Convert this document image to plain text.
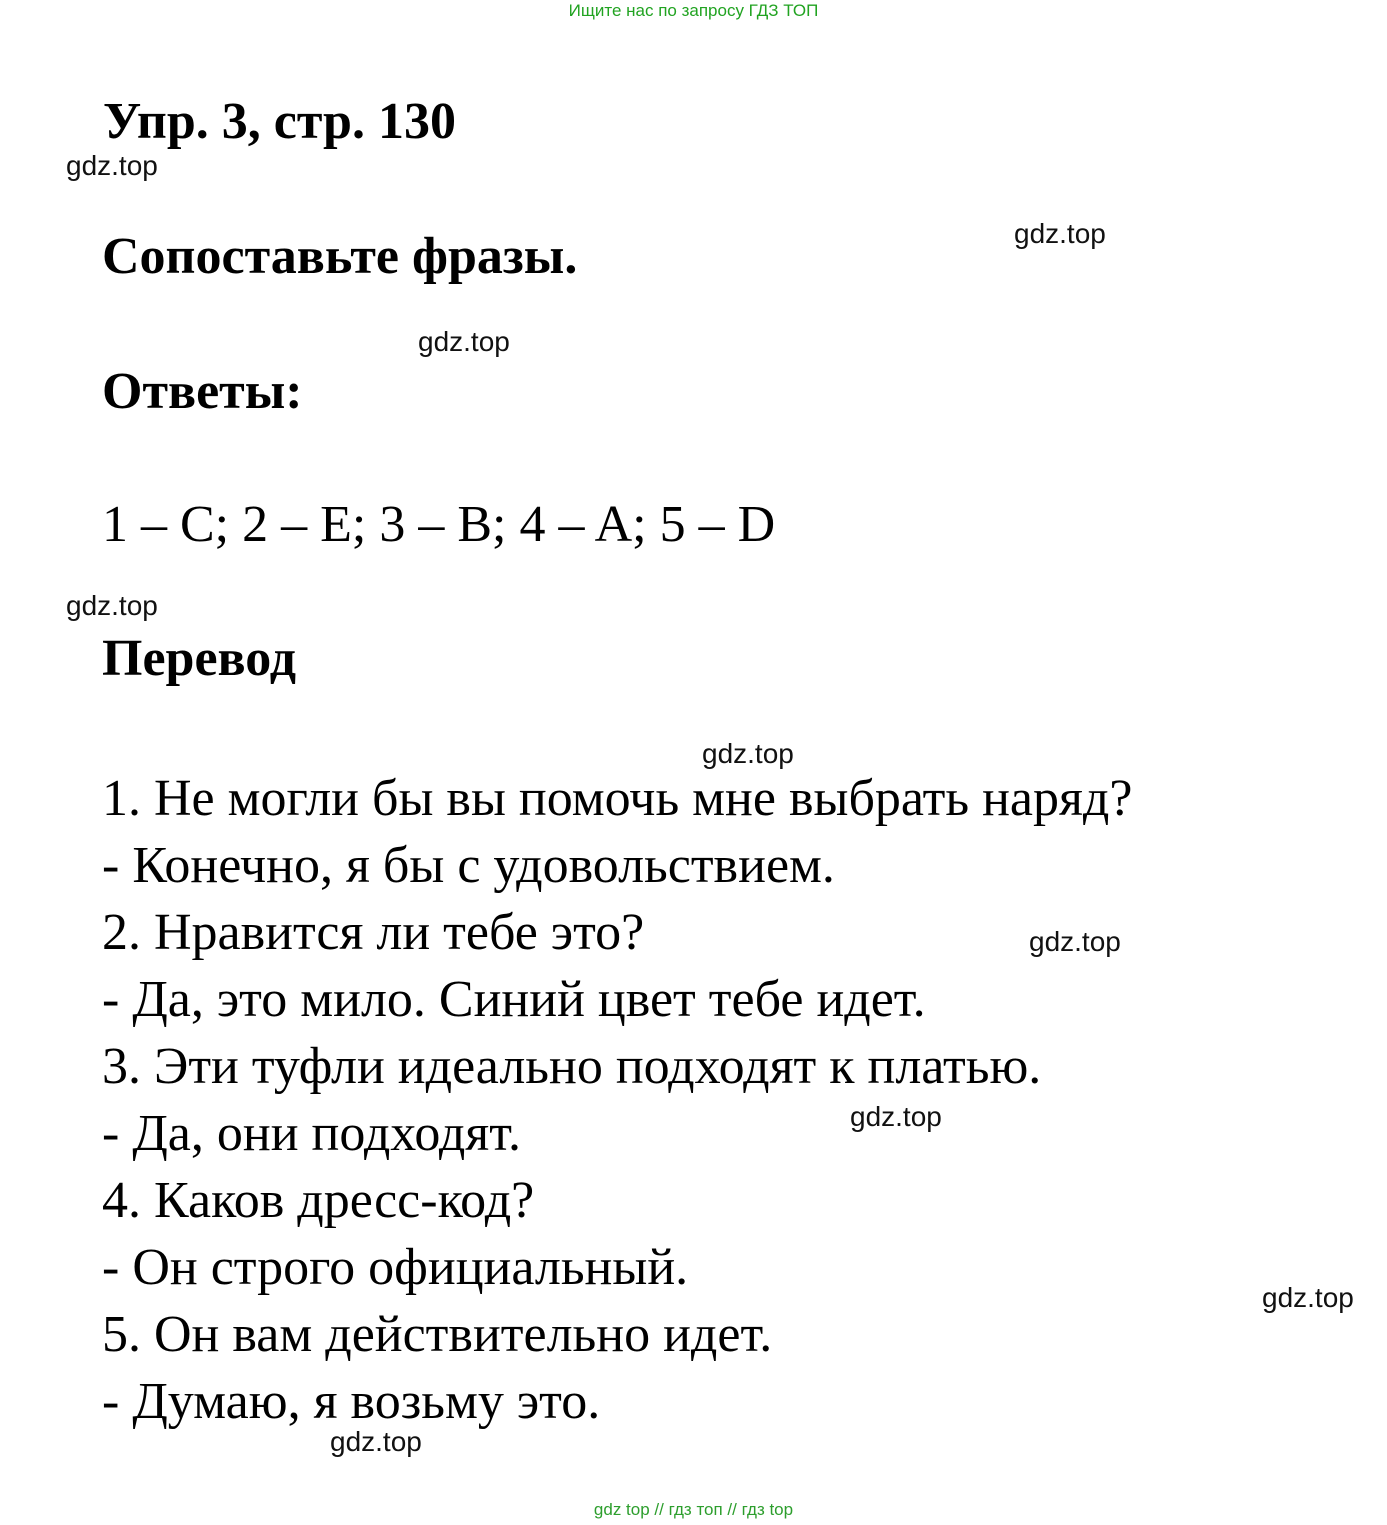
Ищите нас по запросу ГДЗ ТОП
Упр. 3, стр. 130
Сопоставьте фразы.
Ответы:
1 – C; 2 – E; 3 – B; 4 – A; 5 – D
Перевод
1. Не могли бы вы помочь мне выбрать наряд?
- Конечно, я бы с удовольствием.
2. Нравится ли тебе это?
- Да, это мило. Синий цвет тебе идет.
3. Эти туфли идеально подходят к платью.
- Да, они подходят.
4. Каков дресс-код?
- Он строго официальный.
5. Он вам действительно идет.
- Думаю, я возьму это.
gdz.top
gdz.top
gdz.top
gdz.top
gdz.top
gdz.top
gdz.top
gdz.top
gdz.top
gdz top // гдз топ // гдз top
